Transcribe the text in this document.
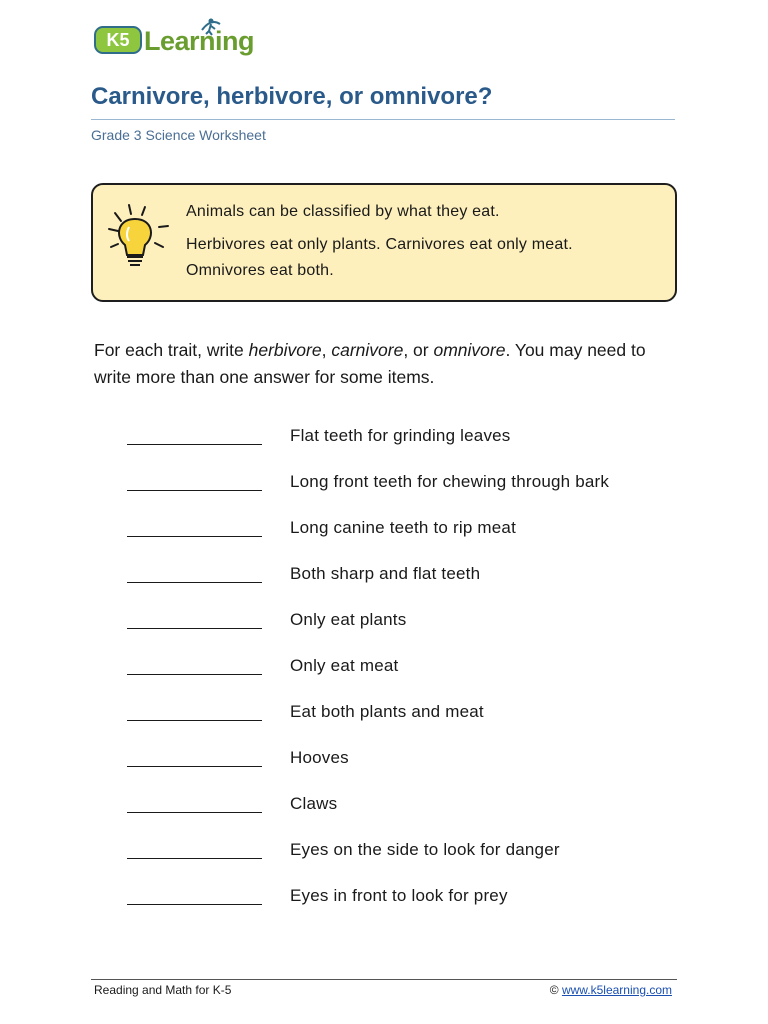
K5 Learning
Carnivore, herbivore, or omnivore?
Grade 3 Science Worksheet
Animals can be classified by what they eat.
Herbivores eat only plants. Carnivores eat only meat.
Omnivores eat both.

For each trait, write herbivore, carnivore, or omnivore. You may need to write more than one answer for some items.

Flat teeth for grinding leaves
Long front teeth for chewing through bark
Long canine teeth to rip meat
Both sharp and flat teeth
Only eat plants
Only eat meat
Eat both plants and meat
Hooves
Claws
Eyes on the side to look for danger
Eyes in front to look for prey
Reading and Math for K-5	© www.k5learning.com
